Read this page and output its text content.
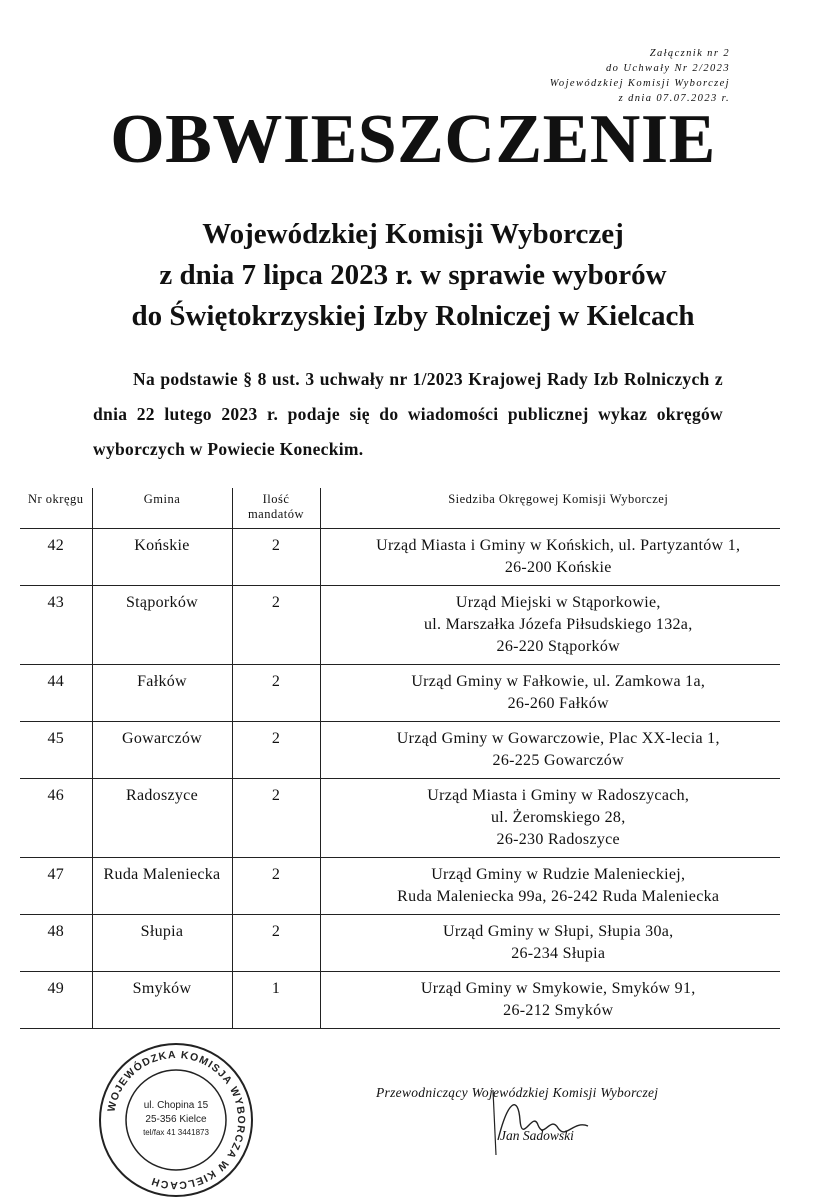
Załącznik nr 2
do Uchwały Nr 2/2023
Wojewódzkiej Komisji Wyborczej
z dnia 07.07.2023 r.
OBWIESZCZENIE
Wojewódzkiej Komisji Wyborczej
z dnia 7 lipca 2023 r. w sprawie wyborów
do Świętokrzyskiej Izby Rolniczej w Kielcach
Na podstawie § 8 ust. 3 uchwały nr 1/2023 Krajowej Rady Izb Rolniczych z dnia 22 lutego 2023 r. podaje się do wiadomości publicznej wykaz okręgów wyborczych w Powiecie Koneckim.
Nr okręgu	Gmina	Ilość mandatów	Siedziba Okręgowej Komisji Wyborczej
42	Końskie	2	Urząd Miasta i Gminy w Końskich, ul. Partyzantów 1,
26-200 Końskie

43	Stąporków	2	Urząd Miejski w Stąporkowie,
ul. Marszałka Józefa Piłsudskiego 132a,
26-220 Stąporków

44	Fałków	2	Urząd Gminy w Fałkowie, ul. Zamkowa 1a,
26-260 Fałków

45	Gowarczów	2	Urząd Gminy w Gowarczowie, Plac XX-lecia 1,
26-225 Gowarczów

46	Radoszyce	2	Urząd Miasta i Gminy w Radoszycach,
ul. Żeromskiego 28,
26-230 Radoszyce

47	Ruda Maleniecka	2	Urząd Gminy w Rudzie Malenieckiej,
Ruda Maleniecka 99a, 26-242 Ruda Maleniecka

48	Słupia	2	Urząd Gminy w Słupi, Słupia 30a,
26-234 Słupia

49	Smyków	1	Urząd Gminy w Smykowie, Smyków 91,
26-212 Smyków
WOJEWÓDZKA KOMISJA WYBORCZA W KIELCACH
ul. Chopina 15
25-356 Kielce
tel/fax 41 3441873
Przewodniczący Wojewódzkiej Komisji Wyborczej
Jan Sadowski
